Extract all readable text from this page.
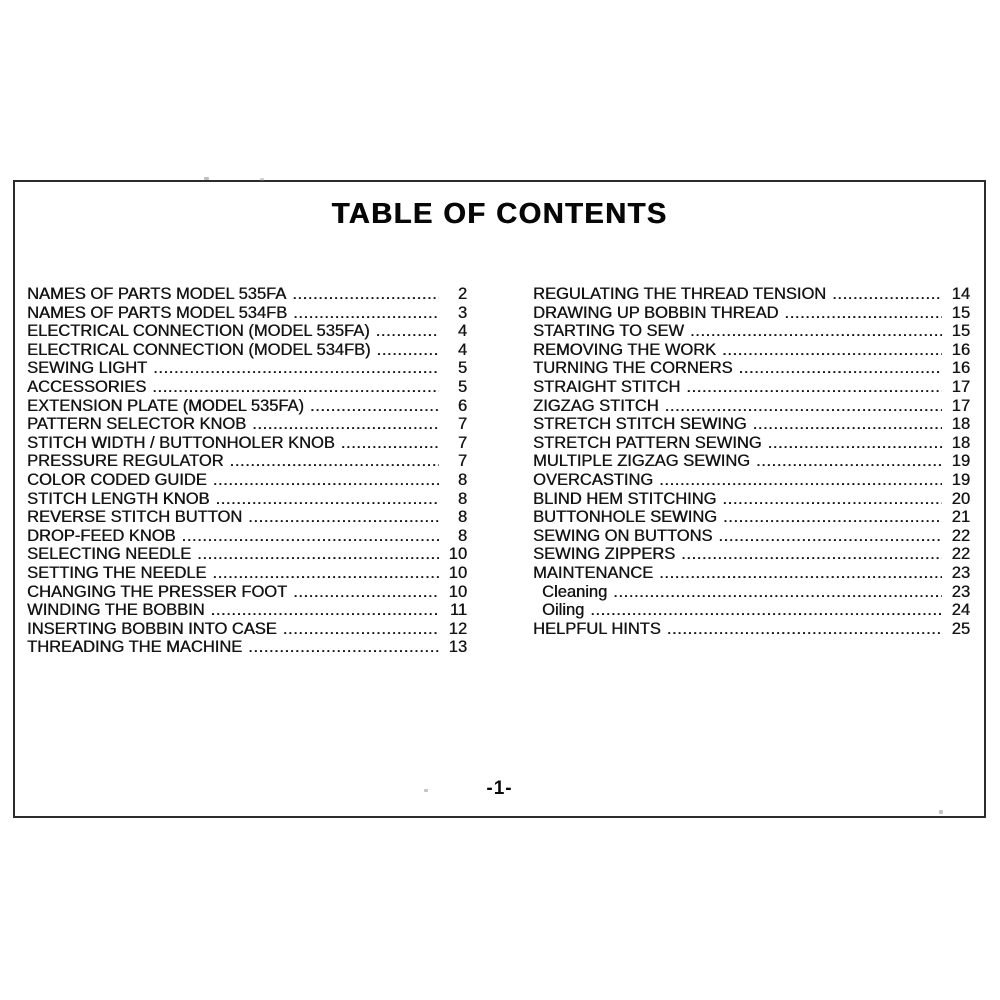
TABLE OF CONTENTS
NAMES OF PARTS MODEL 535FA .....	2
NAMES OF PARTS MODEL 534FB .....	3
ELECTRICAL CONNECTION (MODEL 535FA) .....	4
ELECTRICAL CONNECTION (MODEL 534FB) .....	4
SEWING LIGHT .....	5
ACCESSORIES .....	5
EXTENSION PLATE (MODEL 535FA) .....	6
PATTERN SELECTOR KNOB .....	7
STITCH WIDTH / BUTTONHOLER KNOB .....	7
PRESSURE REGULATOR .....	7
COLOR CODED GUIDE .....	8
STITCH LENGTH KNOB .....	8
REVERSE STITCH BUTTON .....	8
DROP-FEED KNOB .....	8
SELECTING NEEDLE .....	10
SETTING THE NEEDLE .....	10
CHANGING THE PRESSER FOOT .....	10
WINDING THE BOBBIN .....	11
INSERTING BOBBIN INTO CASE .....	12
THREADING THE MACHINE .....	13
REGULATING THE THREAD TENSION .....	14
DRAWING UP BOBBIN THREAD .....	15
STARTING TO SEW .....	15
REMOVING THE WORK .....	16
TURNING THE CORNERS .....	16
STRAIGHT STITCH .....	17
ZIGZAG STITCH .....	17
STRETCH STITCH SEWING .....	18
STRETCH PATTERN SEWING .....	18
MULTIPLE ZIGZAG SEWING .....	19
OVERCASTING .....	19
BLIND HEM STITCHING .....	20
BUTTONHOLE SEWING .....	21
SEWING ON BUTTONS .....	22
SEWING ZIPPERS .....	22
MAINTENANCE .....	23
Cleaning .....	23
Oiling .....	24
HELPFUL HINTS .....	25
-1-
